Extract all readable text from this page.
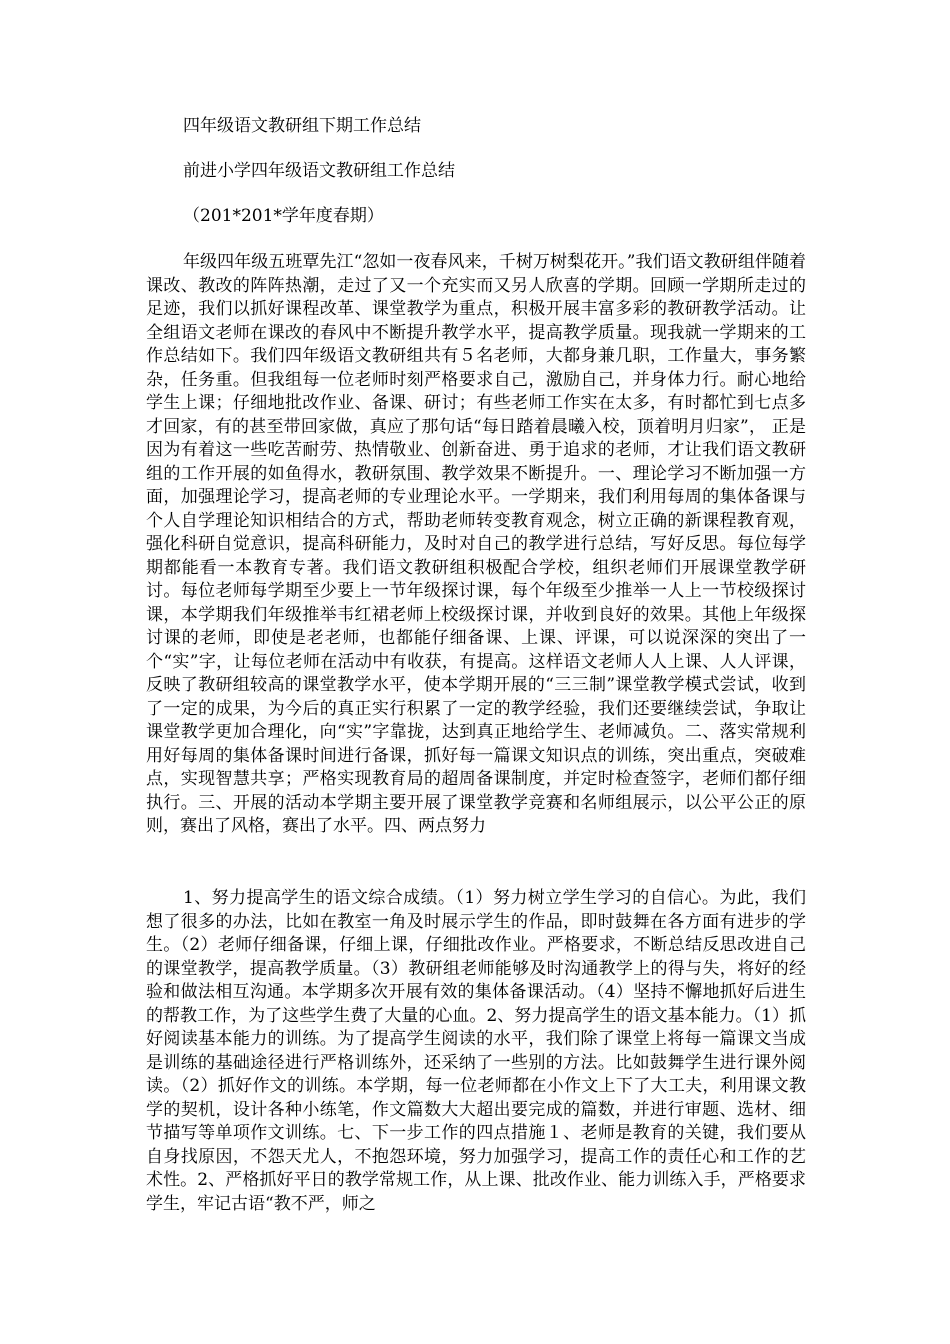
四年级语文教研组下期工作总结
前进小学四年级语文教研组工作总结
（201*201*学年度春期）

年级四年级五班覃先江“忽如一夜春风来，千树万树梨花开。”我们语文教研组伴随着课改、教改的阵阵热潮，走过了又一个充实而又另人欣喜的学期。回顾一学期所走过的足迹，我们以抓好课程改革、课堂教学为重点，积极开展丰富多彩的教研教学活动。让全组语文老师在课改的春风中不断提升教学水平，提高教学质量。现我就一学期来的工作总结如下。我们四年级语文教研组共有５名老师，大都身兼几职，工作量大，事务繁杂，任务重。但我组每一位老师时刻严格要求自己，激励自己，并身体力行。耐心地给学生上课；仔细地批改作业、备课、研讨；有些老师工作实在太多，有时都忙到七点多才回家，有的甚至带回家做，真应了那句话“每日踏着晨曦入校，顶着明月归家”， 正是因为有着这一些吃苦耐劳、热情敬业、创新奋进、勇于追求的老师，才让我们语文教研组的工作开展的如鱼得水，教研氛围、教学效果不断提升。一、理论学习不断加强一方面，加强理论学习，提高老师的专业理论水平。一学期来，我们利用每周的集体备课与个人自学理论知识相结合的方式，帮助老师转变教育观念，树立正确的新课程教育观，强化科研自觉意识，提高科研能力，及时对自己的教学进行总结，写好反思。每位每学期都能看一本教育专著。我们语文教研组积极配合学校，组织老师们开展课堂教学研讨。每位老师每学期至少要上一节年级探讨课，每个年级至少推举一人上一节校级探讨课，本学期我们年级推举韦红裙老师上校级探讨课，并收到良好的效果。其他上年级探讨课的老师，即使是老老师，也都能仔细备课、上课、评课，可以说深深的突出了一个“实”字，让每位老师在活动中有收获，有提高。这样语文老师人人上课、人人评课，反映了教研组较高的课堂教学水平，使本学期开展的“三三制”课堂教学模式尝试，收到了一定的成果，为今后的真正实行积累了一定的教学经验，我们还要继续尝试，争取让课堂教学更加合理化，向“实”字靠拢，达到真正地给学生、老师减负。二、落实常规利用好每周的集体备课时间进行备课，抓好每一篇课文知识点的训练，突出重点，突破难点，实现智慧共享；严格实现教育局的超周备课制度，并定时检查签字，老师们都仔细执行。三、开展的活动本学期主要开展了课堂教学竞赛和名师组展示，以公平公正的原则，赛出了风格，赛出了水平。四、两点努力

1、努力提高学生的语文综合成绩。（1）努力树立学生学习的自信心。为此，我们想了很多的办法，比如在教室一角及时展示学生的作品，即时鼓舞在各方面有进步的学生。（2）老师仔细备课，仔细上课，仔细批改作业。严格要求，不断总结反思改进自己的课堂教学，提高教学质量。（3）教研组老师能够及时沟通教学上的得与失，将好的经验和做法相互沟通。本学期多次开展有效的集体备课活动。（4）坚持不懈地抓好后进生的帮教工作，为了这些学生费了大量的心血。2、努力提高学生的语文基本能力。（1）抓好阅读基本能力的训练。为了提高学生阅读的水平，我们除了课堂上将每一篇课文当成是训练的基础途径进行严格训练外，还采纳了一些别的方法。比如鼓舞学生进行课外阅读。（2）抓好作文的训练。本学期，每一位老师都在小作文上下了大工夫，利用课文教学的契机，设计各种小练笔，作文篇数大大超出要完成的篇数，并进行审题、选材、细节描写等单项作文训练。七、下一步工作的四点措施１、老师是教育的关键，我们要从自身找原因，不怨天尤人，不抱怨环境，努力加强学习，提高工作的责任心和工作的艺术性。2、严格抓好平日的教学常规工作，从上课、批改作业、能力训练入手，严格要求学生，牢记古语“教不严，师之
